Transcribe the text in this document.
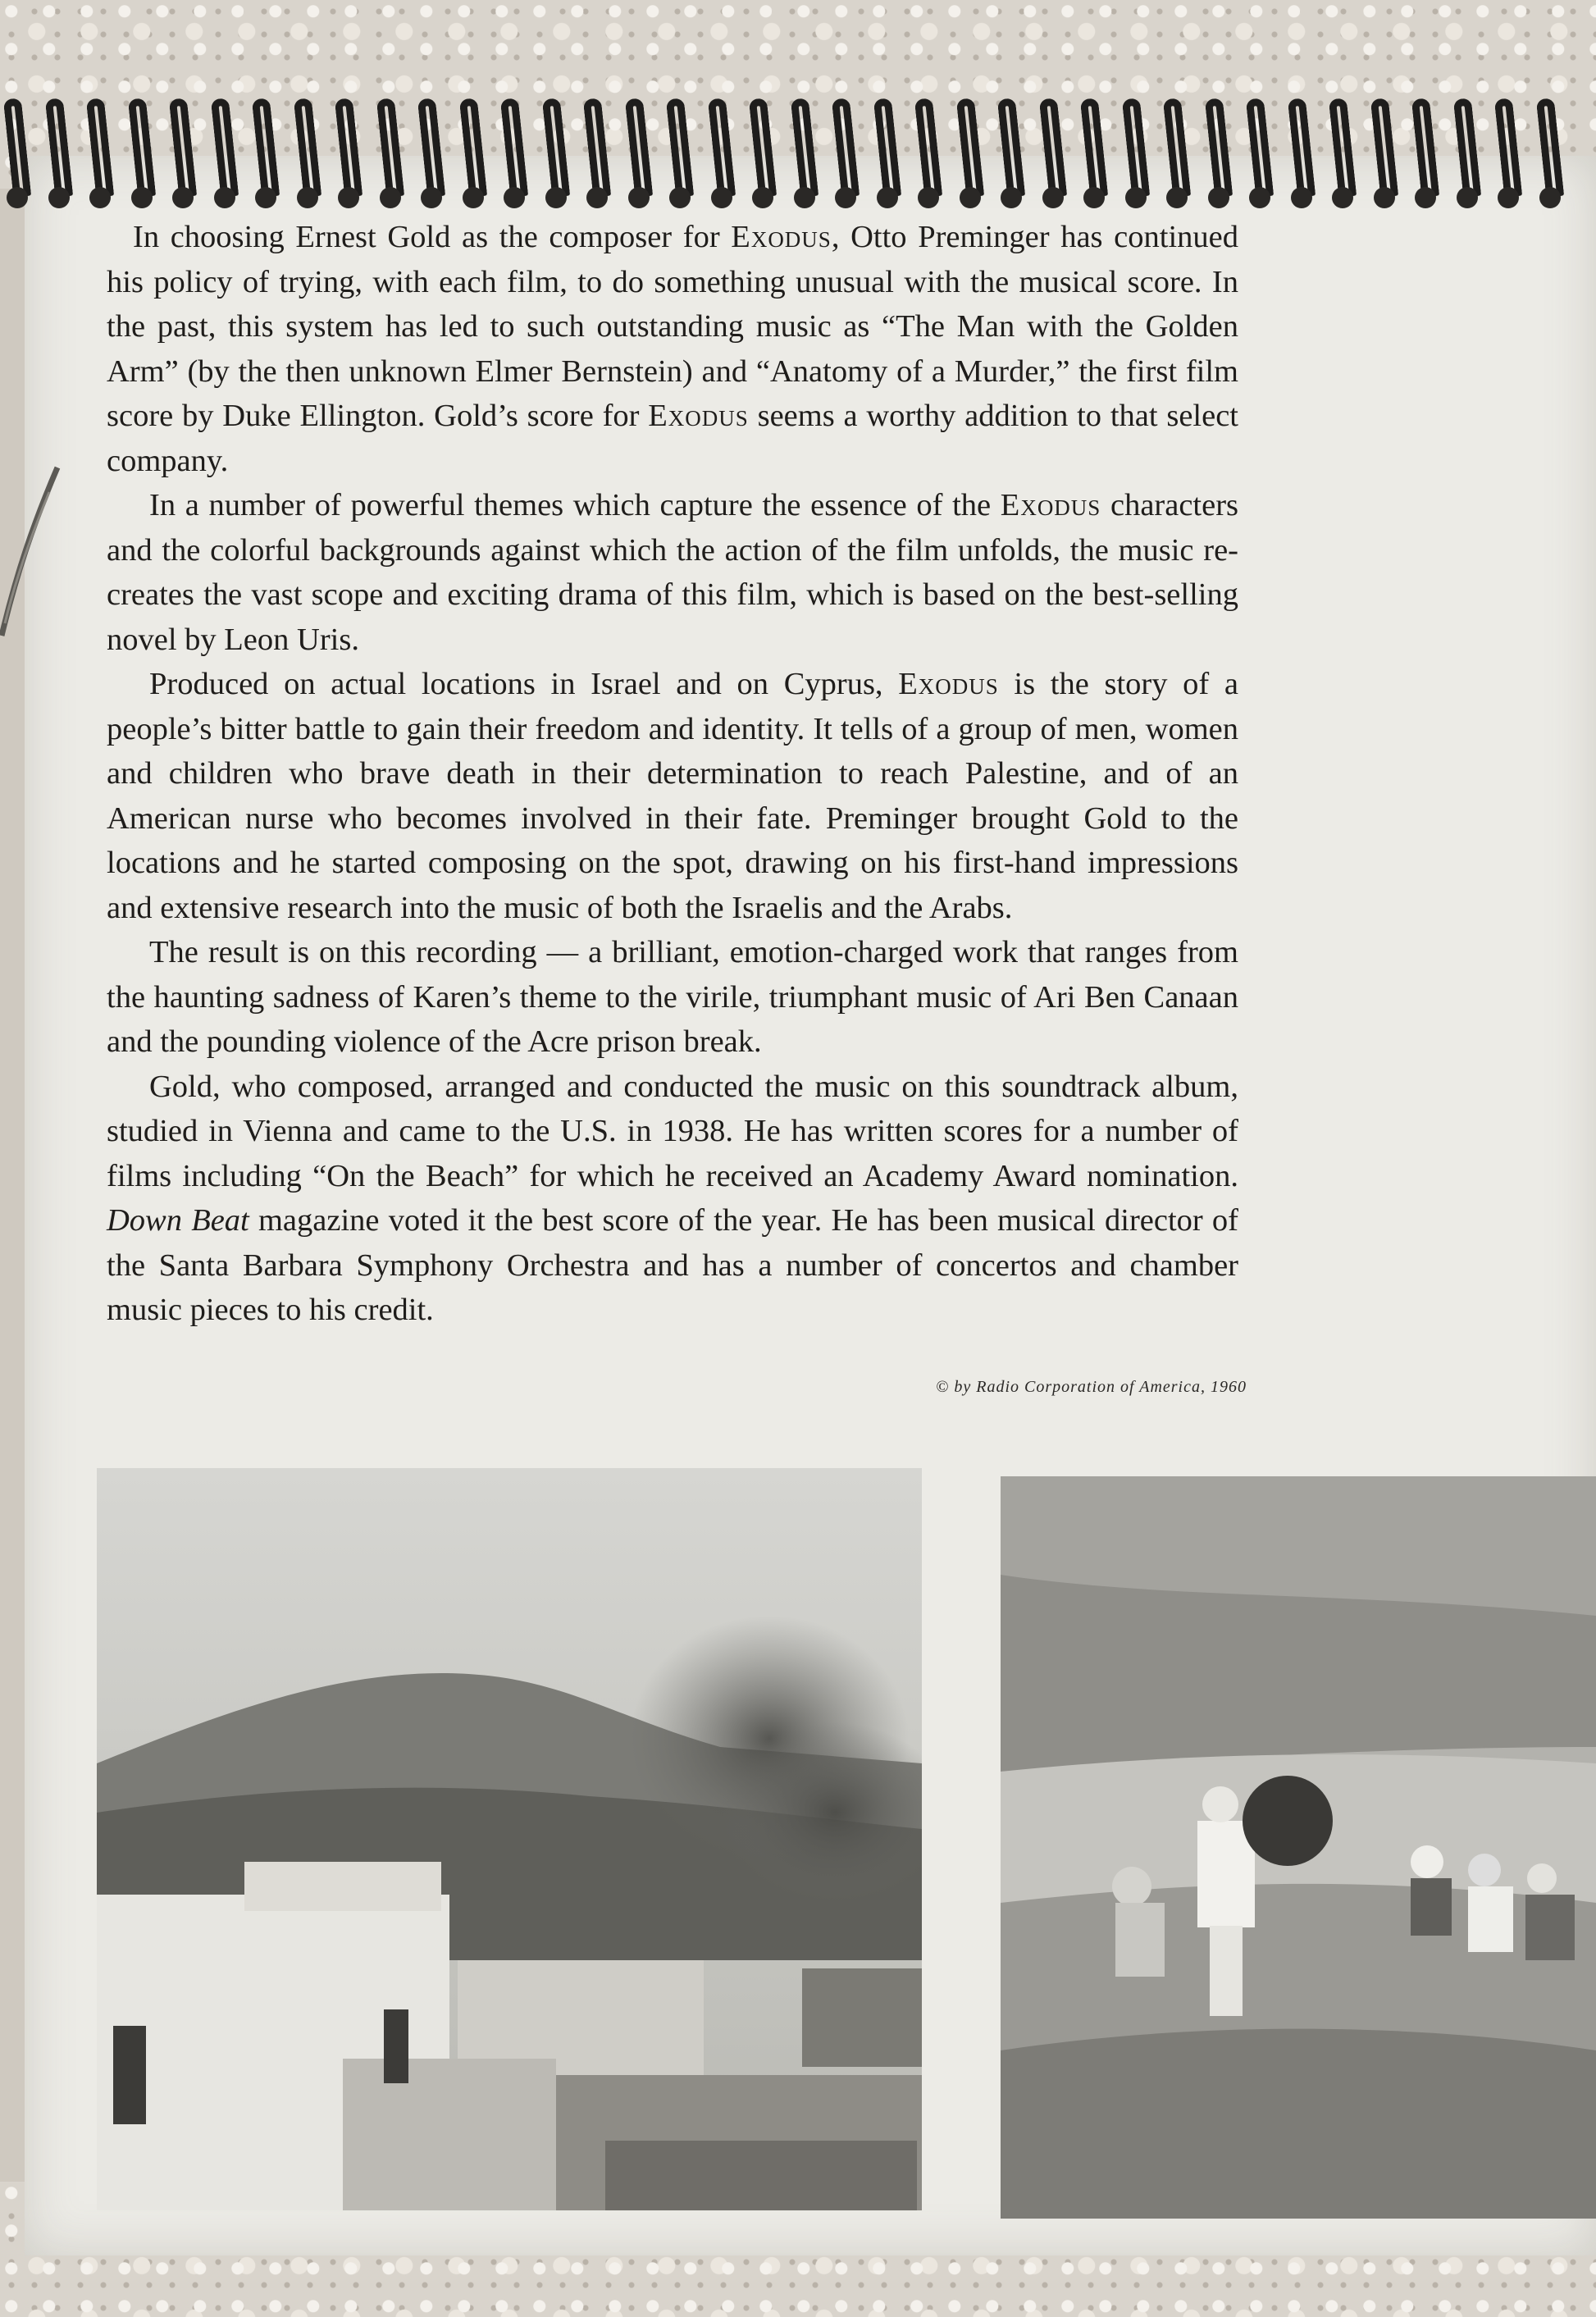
In choosing Ernest Gold as the composer for Exodus, Otto Preminger has continued his policy of trying, with each film, to do something unusual with the musical score. In the past, this system has led to such outstanding music as “The Man with the Golden Arm” (by the then unknown Elmer Bernstein) and “Anatomy of a Murder,” the first film score by Duke Ellington. Gold’s score for Exodus seems a worthy addition to that select company.

In a number of powerful themes which capture the essence of the Exodus characters and the colorful backgrounds against which the action of the film unfolds, the music re-creates the vast scope and exciting drama of this film, which is based on the best-selling novel by Leon Uris.

Produced on actual locations in Israel and on Cyprus, Exodus is the story of a people’s bitter battle to gain their freedom and identity. It tells of a group of men, women and children who brave death in their determination to reach Palestine, and of an American nurse who becomes involved in their fate. Preminger brought Gold to the locations and he started composing on the spot, drawing on his first-hand impressions and extensive research into the music of both the Israelis and the Arabs.

The result is on this recording — a brilliant, emotion-charged work that ranges from the haunting sadness of Karen’s theme to the virile, triumphant music of Ari Ben Canaan and the pounding violence of the Acre prison break.

Gold, who composed, arranged and conducted the music on this soundtrack album, studied in Vienna and came to the U.S. in 1938. He has written scores for a number of films including “On the Beach” for which he received an Academy Award nomination. Down Beat magazine voted it the best score of the year. He has been musical director of the Santa Barbara Symphony Orchestra and has a number of concertos and chamber music pieces to his credit.

© by Radio Corporation of America, 1960
